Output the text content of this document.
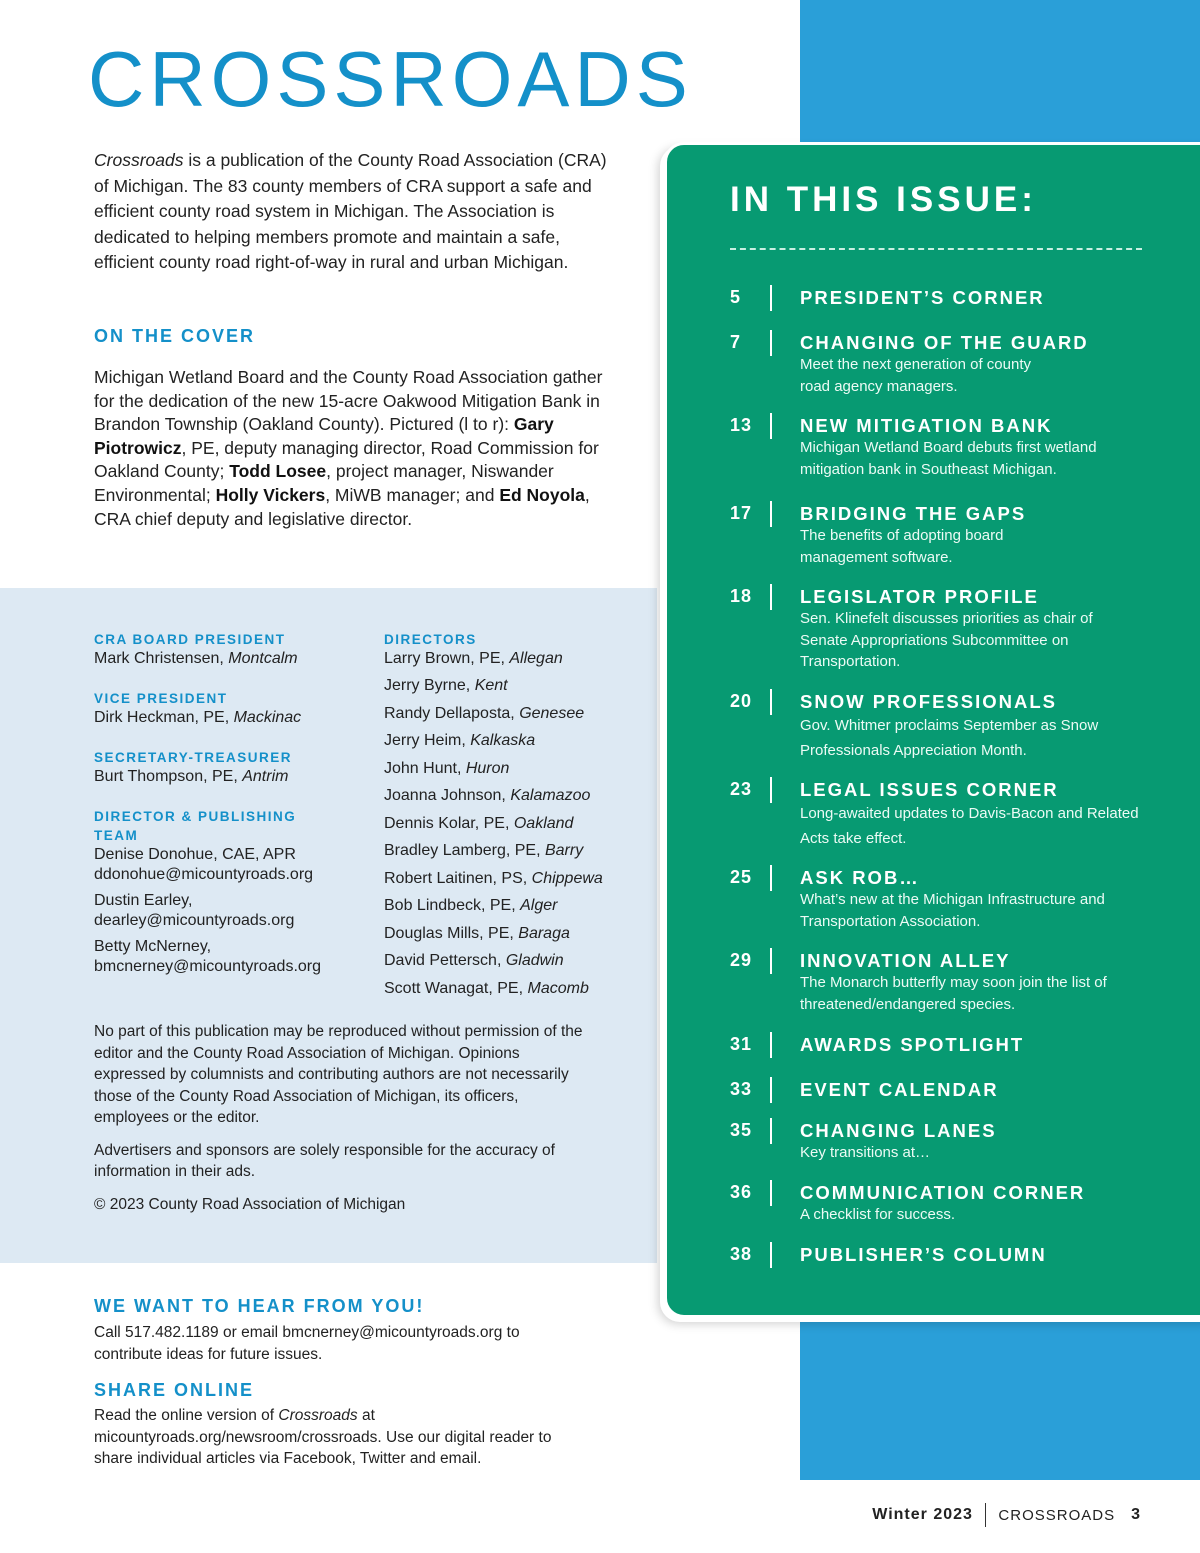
CROSSROADS

Crossroads is a publication of the County Road Association (CRA) of Michigan. The 83 county members of CRA support a safe and efficient county road system in Michigan. The Association is dedicated to helping members promote and maintain a safe, efficient county road right-of-way in rural and urban Michigan.

ON THE COVER

Michigan Wetland Board and the County Road Association gather for the dedication of the new 15-acre Oakwood Mitigation Bank in Brandon Township (Oakland County). Pictured (l to r): Gary Piotrowicz, PE, deputy managing director, Road Commission for Oakland County; Todd Losee, project manager, Niswander Environmental; Holly Vickers, MiWB manager; and Ed Noyola, CRA chief deputy and legislative director.

CRA BOARD PRESIDENT
Mark Christensen, Montcalm
VICE PRESIDENT
Dirk Heckman, PE, Mackinac
SECRETARY-TREASURER
Burt Thompson, PE, Antrim
DIRECTOR & PUBLISHING TEAM
Denise Donohue, CAE, APR
ddonohue@micountyroads.org
Dustin Earley,
dearley@micountyroads.org
Betty McNerney,
bmcnerney@micountyroads.org
DIRECTORS
Larry Brown, PE, Allegan
Jerry Byrne, Kent
Randy Dellaposta, Genesee
Jerry Heim, Kalkaska
John Hunt, Huron
Joanna Johnson, Kalamazoo
Dennis Kolar, PE, Oakland
Bradley Lamberg, PE, Barry
Robert Laitinen, PS, Chippewa
Bob Lindbeck, PE, Alger
Douglas Mills, PE, Baraga
David Pettersch, Gladwin
Scott Wanagat, PE, Macomb

No part of this publication may be reproduced without permission of the editor and the County Road Association of Michigan. Opinions expressed by columnists and contributing authors are not necessarily those of the County Road Association of Michigan, its officers, employees or the editor.

Advertisers and sponsors are solely responsible for the accuracy of information in their ads.

© 2023 County Road Association of Michigan

WE WANT TO HEAR FROM YOU!

Call 517.482.1189 or email bmcnerney@micountyroads.org to contribute ideas for future issues.

SHARE ONLINE

Read the online version of Crossroads at micountyroads.org/newsroom/crossroads. Use our digital reader to share individual articles via Facebook, Twitter and email.

IN THIS ISSUE:
5	PRESIDENT’S CORNER
7	CHANGING OF THE GUARD
Meet the next generation of county road agency managers.
13	NEW MITIGATION BANK
Michigan Wetland Board debuts first wetland mitigation bank in Southeast Michigan.
17	BRIDGING THE GAPS
The benefits of adopting board management software.
18	LEGISLATOR PROFILE
Sen. Klinefelt discusses priorities as chair of Senate Appropriations Subcommittee on Transportation.
20	SNOW PROFESSIONALS
Gov. Whitmer proclaims September as Snow Professionals Appreciation Month.
23	LEGAL ISSUES CORNER
Long-awaited updates to Davis-Bacon and Related Acts take effect.
25	ASK ROB…
What’s new at the Michigan Infrastructure and Transportation Association.
29	INNOVATION ALLEY
The Monarch butterfly may soon join the list of threatened/endangered species.
31	AWARDS SPOTLIGHT
33	EVENT CALENDAR
35	CHANGING LANES
Key transitions at…
36	COMMUNICATION CORNER
A checklist for success.
38	PUBLISHER’S COLUMN
Winter 2023 CROSSROADS 3
